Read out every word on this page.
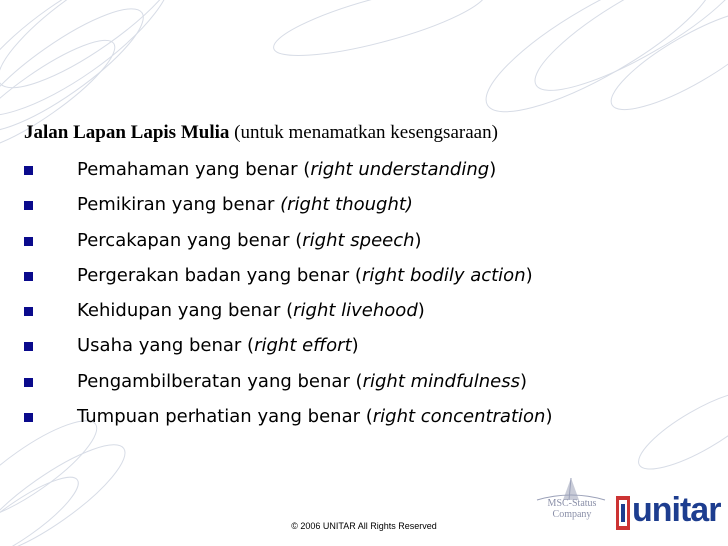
Jalan Lapan Lapis Mulia (untuk menamatkan kesengsaraan)
Pemahaman yang benar (right understanding)
Pemikiran yang benar (right thought)
Percakapan yang benar (right speech)
Pergerakan badan yang benar (right bodily action)
Kehidupan yang benar (right livehood)
Usaha yang benar (right effort)
Pengambilberatan yang benar (right mindfulness)
Tumpuan perhatian yang benar (right concentration)
© 2006 UNITAR All Rights Reserved
MSC-Status
Company	unitar
